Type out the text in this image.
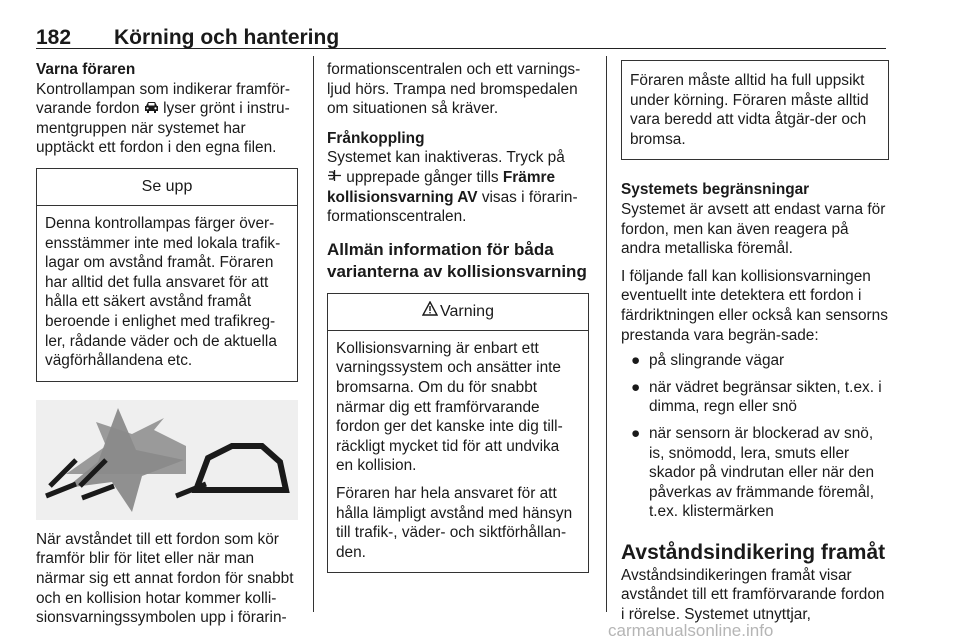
182 Körning och hantering

Varna föraren

Kontrollampan som indikerar framför-varande fordon lyser grönt i instru-mentgruppen när systemet har upptäckt ett fordon i den egna filen.

Se upp
Denna kontrollampas färger över-ensstämmer inte med lokala trafik-lagar om avstånd framåt. Föraren har alltid det fulla ansvaret för att hålla ett säkert avstånd framåt beroende i enlighet med trafikreg-ler, rådande väder och de aktuella vägförhållandena etc.

När avståndet till ett fordon som kör framför blir för litet eller när man närmar sig ett annat fordon för snabbt och en kollision hotar kommer kolli-sionsvarningssymbolen upp i förarin-

formationscentralen och ett varnings-ljud hörs. Trampa ned bromspedalen om situationen så kräver.

Frånkoppling

Systemet kan inaktiveras. Tryck på
upprepade gånger tills Främre kollisionsvarning AV visas i förarin-formationscentralen.

Allmän information för båda varianterna av kollisionsvarning

Varning

Kollisionsvarning är enbart ett varningssystem och ansätter inte bromsarna. Om du för snabbt närmar dig ett framförvarande fordon ger det kanske inte dig till-räckligt mycket tid för att undvika en kollision.

Föraren har hela ansvaret för att hålla lämpligt avstånd med hänsyn till trafik-, väder- och siktförhållan-den.

Föraren måste alltid ha full uppsikt under körning. Föraren måste alltid vara beredd att vidta åtgär-der och bromsa.

Systemets begränsningar

Systemet är avsett att endast varna för fordon, men kan även reagera på andra metalliska föremål.

I följande fall kan kollisionsvarningen eventuellt inte detektera ett fordon i färdriktningen eller också kan sensorns prestanda vara begrän-sade:

● på slingrande vägar
● när vädret begränsar sikten, t.ex. i dimma, regn eller snö
● när sensorn är blockerad av snö, is, snömodd, lera, smuts eller skador på vindrutan eller när den påverkas av främmande föremål, t.ex. klistermärken

Avståndsindikering framåt

Avståndsindikeringen framåt visar avståndet till ett framförvarande fordon i rörelse. Systemet utnyttjar,

carmanualsonline.info
